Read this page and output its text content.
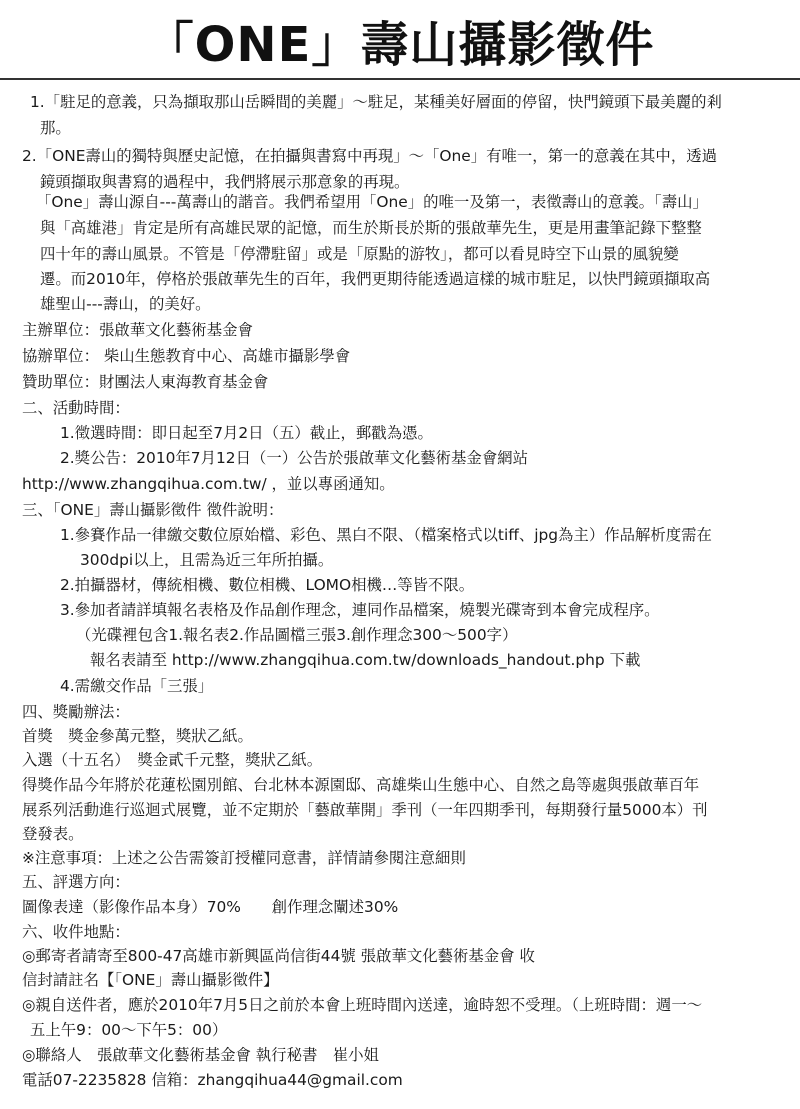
「ONE」壽山攝影徵件
1.「駐足的意義，只為擷取那山岳瞬間的美麗」～駐足，某種美好層面的停留，快門鏡頭下最美麗的剎
那。
2.「ONE壽山的獨特與歷史記憶，在拍攝與書寫中再現」～「One」有唯一，第一的意義在其中，透過
鏡頭擷取與書寫的過程中，我們將展示那意象的再現。
「One」壽山源自---萬壽山的諧音。我們希望用「One」的唯一及第一，表徵壽山的意義。「壽山」
與「高雄港」肯定是所有高雄民眾的記憶，而生於斯長於斯的張啟華先生，更是用畫筆記錄下整整
四十年的壽山風景。不管是「停滯駐留」或是「原點的游牧」，都可以看見時空下山景的風貌變
遷。而2010年，停格於張啟華先生的百年，我們更期待能透過這樣的城市駐足，以快門鏡頭擷取高
雄聖山---壽山，的美好。
主辦單位：張啟華文化藝術基金會
協辦單位： 柴山生態教育中心、高雄市攝影學會
贊助單位：財團法人東海教育基金會
二、活動時間：
1.徵選時間：即日起至7月2日（五）截止，郵戳為憑。
2.獎公告：2010年7月12日（一）公告於張啟華文化藝術基金會網站
http://www.zhangqihua.com.tw/ ，並以專函通知。
三、「ONE」壽山攝影徵件 徵件說明：
1.參賽作品一律繳交數位原始檔、彩色、黑白不限、（檔案格式以tiff、jpg為主）作品解析度需在
300dpi以上，且需為近三年所拍攝。
2.拍攝器材，傳統相機、數位相機、LOMO相機…等皆不限。
3.參加者請詳填報名表格及作品創作理念，連同作品檔案，燒製光碟寄到本會完成程序。
（光碟裡包含1.報名表2.作品圖檔三張3.創作理念300～500字）
報名表請至 http://www.zhangqihua.com.tw/downloads_handout.php 下載
4.需繳交作品「三張」
四、獎勵辦法：
首獎　獎金參萬元整，獎狀乙紙。
入選（十五名）　獎金貳千元整，獎狀乙紙。
得獎作品今年將於花蓮松園別館、台北林本源園邸、高雄柴山生態中心、自然之島等處與張啟華百年
展系列活動進行巡迴式展覽，並不定期於「藝啟華開」季刊（一年四期季刊，每期發行量5000本）刊
登發表。
※注意事項：上述之公告需簽訂授權同意書，詳情請參閱注意細則
五、評選方向：
圖像表達（影像作品本身）70%　　創作理念闡述30%
六、收件地點：
◎郵寄者請寄至800-47高雄市新興區尚信街44號 張啟華文化藝術基金會 收
信封請註名【「ONE」壽山攝影徵件】
◎親自送件者，應於2010年7月5日之前於本會上班時間內送達，逾時恕不受理。（上班時間：週一～
五上午9：00～下午5：00）
◎聯絡人　張啟華文化藝術基金會 執行秘書　崔小姐
電話07-2235828 信箱：zhangqihua44@gmail.com
